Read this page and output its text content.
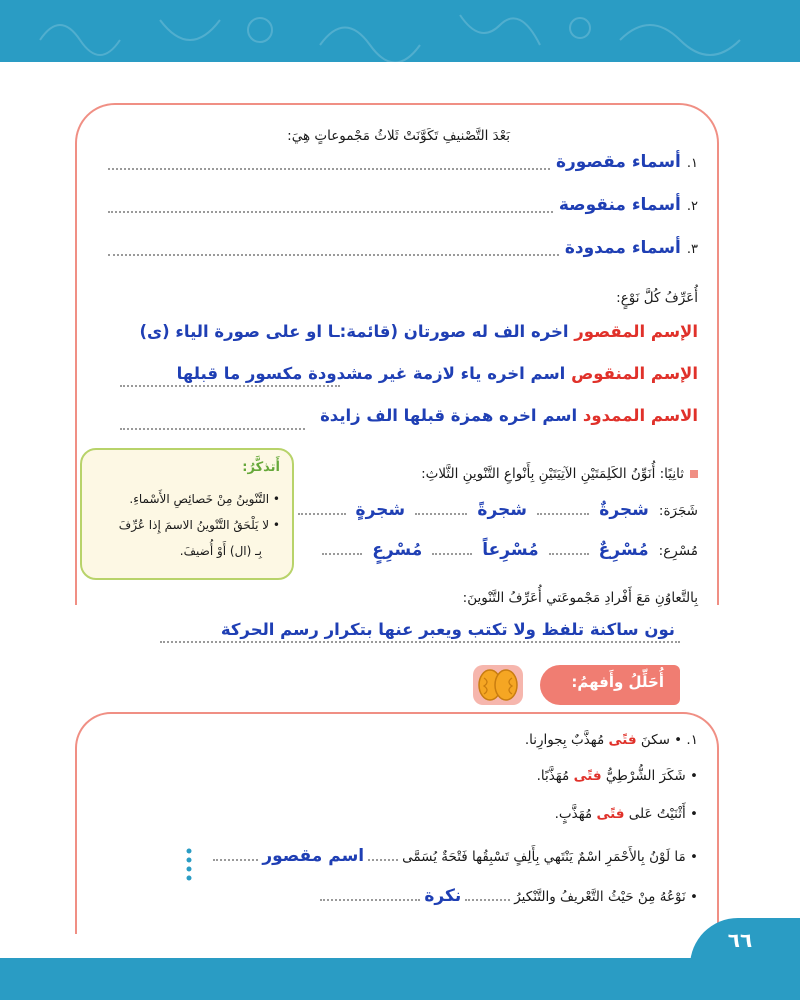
بَعْدَ التَّصْنيفِ تَكَوَّنَتْ ثَلاثُ مَجْموعاتٍ هِيَ:
١.
أسماء مقصورة
٢.
أسماء منقوصة
٣.
أسماء ممدودة
أُعَرِّفُ كُلَّ نَوْعٍ:
الإسم المقصور اخره الف له صورتان (قائمة:ـا او على صورة الياء (ى)
الإسم المنقوص اسم اخره ياء لازمة غير مشدودة مكسور ما قبلها
الاسم الممدود اسم اخره همزة قبلها الف زايدة
أَتذكَّرُ:
• التَّنْوينُ مِنْ خَصائِصِ الأَسْماءِ.
• لا يَلْحَقُ التَّنْوينُ الاسمَ إِذا عُرِّفَ
بِـ (ال) أَوْ أُضيفَ.
ثانِيًا: أُنَوِّنُ الكَلِمَتَيْنِ الآتِيَتَيْنِ بِأَنْواعِ التَّنْوينِ الثَّلاثِ:
شَجَرَة:
شجرةٌ
شجرةً
شجرةٍ
مُسْرِع:
مُسْرِعٌ
مُسْرِعاً
مُسْرِعٍ
بِالتَّعاوُنِ مَعَ أَفْرادِ مَجْموعَتي أُعَرِّفُ التَّنْوينَ:
نون ساكنة تلفظ ولا تكتب ويعبر عنها بتكرار رسم الحركة
أُحَلِّلُ وأَفهمُ:
١. • سكنَ فتًى مُهذَّبٌ بِجوارِنا.
• شَكَرَ الشُّرْطِيُّ فتًى مُهَذَّبًا.
• أَثْنَيْتُ عَلى فتًى مُهَذَّبٍ.
• مَا لَوْنُ بِالأَحْمَرِ اسْمٌ يَنْتَهي بِأَلِفٍ تَسْبِقُها فَتْحَةٌ يُسَمَّى
اسم مقصور
• نَوْعُهُ مِنْ حَيْثُ التَّعْريفُ والتَّنْكيرُ
نكرة
٦٦
